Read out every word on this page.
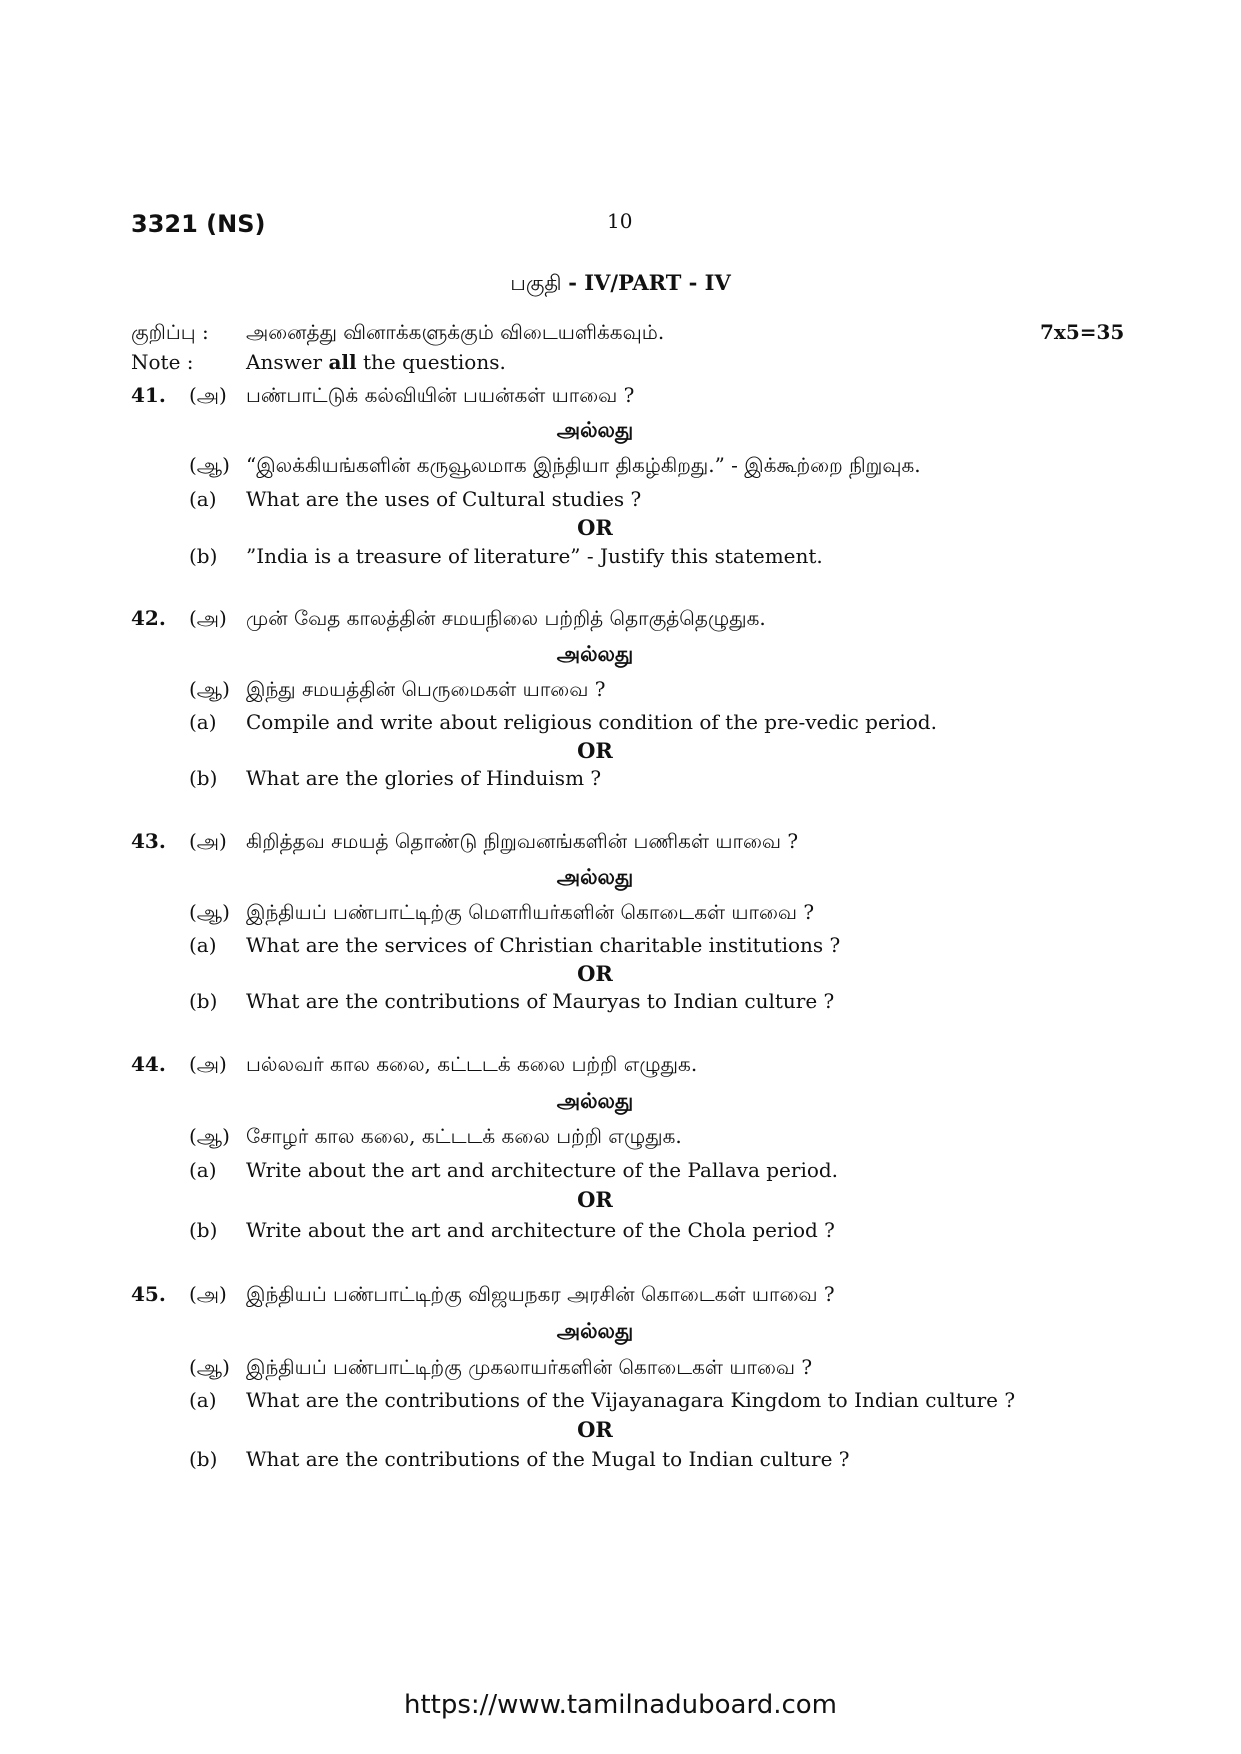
3321 (NS)	10
பகுதி - IV/PART - IV
குறிப்பு : அனைத்து வினாக்களுக்கும் விடையளிக்கவும்.	7x5=35
Note :	Answer all the questions.
41. (அ) பண்பாட்டுக் கல்வியின் பயன்கள் யாவை ?
அல்லது
(ஆ) “இலக்கியங்களின் கருவூலமாக இந்தியா திகழ்கிறது.” - இக்கூற்றை நிறுவுக.
(a) What are the uses of Cultural studies ?
OR
(b) ”India is a treasure of literature” - Justify this statement.
42. (அ) முன் வேத காலத்தின் சமயநிலை பற்றித் தொகுத்தெழுதுக.
அல்லது
(ஆ) இந்து சமயத்தின் பெருமைகள் யாவை ?
(a) Compile and write about religious condition of the pre-vedic period.
OR
(b) What are the glories of Hinduism ?
43. (அ) கிறித்தவ சமயத் தொண்டு நிறுவனங்களின் பணிகள் யாவை ?
அல்லது
(ஆ) இந்தியப் பண்பாட்டிற்கு மௌரியர்களின் கொடைகள் யாவை ?
(a) What are the services of Christian charitable institutions ?
OR
(b) What are the contributions of Mauryas to Indian culture ?
44. (அ) பல்லவர் கால கலை, கட்டடக் கலை பற்றி எழுதுக.
அல்லது
(ஆ) சோழர் கால கலை, கட்டடக் கலை பற்றி எழுதுக.
(a) Write about the art and architecture of the Pallava period.
OR
(b) Write about the art and architecture of the Chola period ?
45. (அ) இந்தியப் பண்பாட்டிற்கு விஜயநகர அரசின் கொடைகள் யாவை ?
அல்லது
(ஆ) இந்தியப் பண்பாட்டிற்கு முகலாயர்களின் கொடைகள் யாவை ?
(a) What are the contributions of the Vijayanagara Kingdom to Indian culture ?
OR
(b) What are the contributions of the Mugal to Indian culture ?
https://www.tamilnaduboard.com
